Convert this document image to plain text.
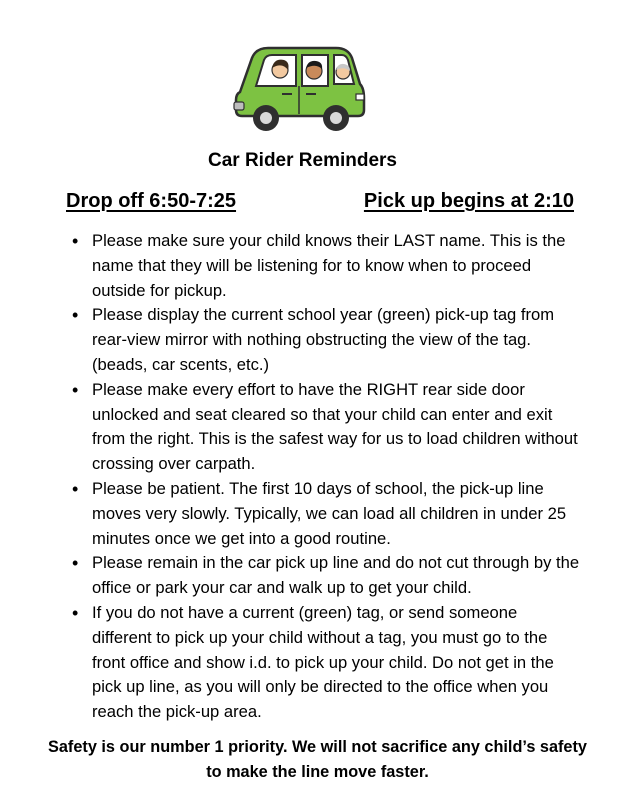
Car Rider Reminders
Drop off 6:50-7:25	Pick up begins at 2:10
• Please make sure your child knows their LAST name. This is the name that they will be listening for to know when to proceed outside for pickup.
• Please display the current school year (green) pick-up tag from rear-view mirror with nothing obstructing the view of the tag. (beads, car scents, etc.)
• Please make every effort to have the RIGHT rear side door unlocked and seat cleared so that your child can enter and exit from the right. This is the safest way for us to load children without crossing over carpath.
• Please be patient. The first 10 days of school, the pick-up line moves very slowly. Typically, we can load all children in under 25 minutes once we get into a good routine.
• Please remain in the car pick up line and do not cut through by the office or park your car and walk up to get your child.
• If you do not have a current (green) tag, or send someone different to pick up your child without a tag, you must go to the front office and show i.d. to pick up your child. Do not get in the pick up line, as you will only be directed to the office when you reach the pick-up area.
Safety is our number 1 priority. We will not sacrifice any child’s safety to make the line move faster.
